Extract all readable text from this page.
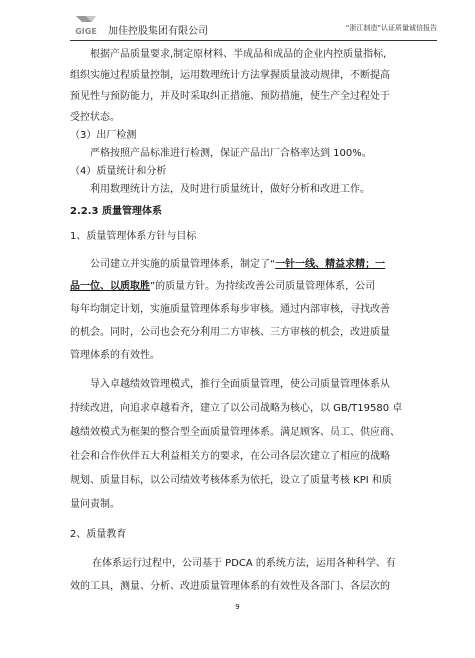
GIGE 加佳控股集团有限公司	“浙江制造”认证质量诚信报告
根据产品质量要求,制定原材料、半成品和成品的企业内控质量指标,
组织实施过程质量控制，运用数理统计方法掌握质量波动规律，不断提高
预见性与预防能力，并及时采取纠正措施、预防措施，使生产全过程处于
受控状态。
（3）出厂检测
严格按照产品标准进行检测，保证产品出厂合格率达到 100%。
（4）质量统计和分析
利用数理统计方法，及时进行质量统计，做好分析和改进工作。
2.2.3 质量管理体系
1、质量管理体系方针与目标
公司建立并实施的质量管理体系，制定了“一针一线、精益求精；一
品一位、以质取胜”的质量方针。为持续改善公司质量管理体系，公司
每年均制定计划，实施质量管理体系每步审核。通过内部审核，寻找改善
的机会。同时，公司也会充分利用二方审核、三方审核的机会，改进质量
管理体系的有效性。
导入卓越绩效管理模式，推行全面质量管理，使公司质量管理体系从
持续改进，向追求卓越看齐，建立了以公司战略为核心，以 GB/T19580 卓
越绩效模式为框架的整合型全面质量管理体系。满足顾客、员工、供应商、
社会和合作伙伴五大利益相关方的要求，在公司各层次建立了相应的战略
规划、质量目标，以公司绩效考核体系为依托，设立了质量考核 KPI 和质
量问责制。
2、质量教育
在体系运行过程中，公司基于 PDCA 的系统方法，运用各种科学、有
效的工具，测量、分析、改进质量管理体系的有效性及各部门、各层次的
9
